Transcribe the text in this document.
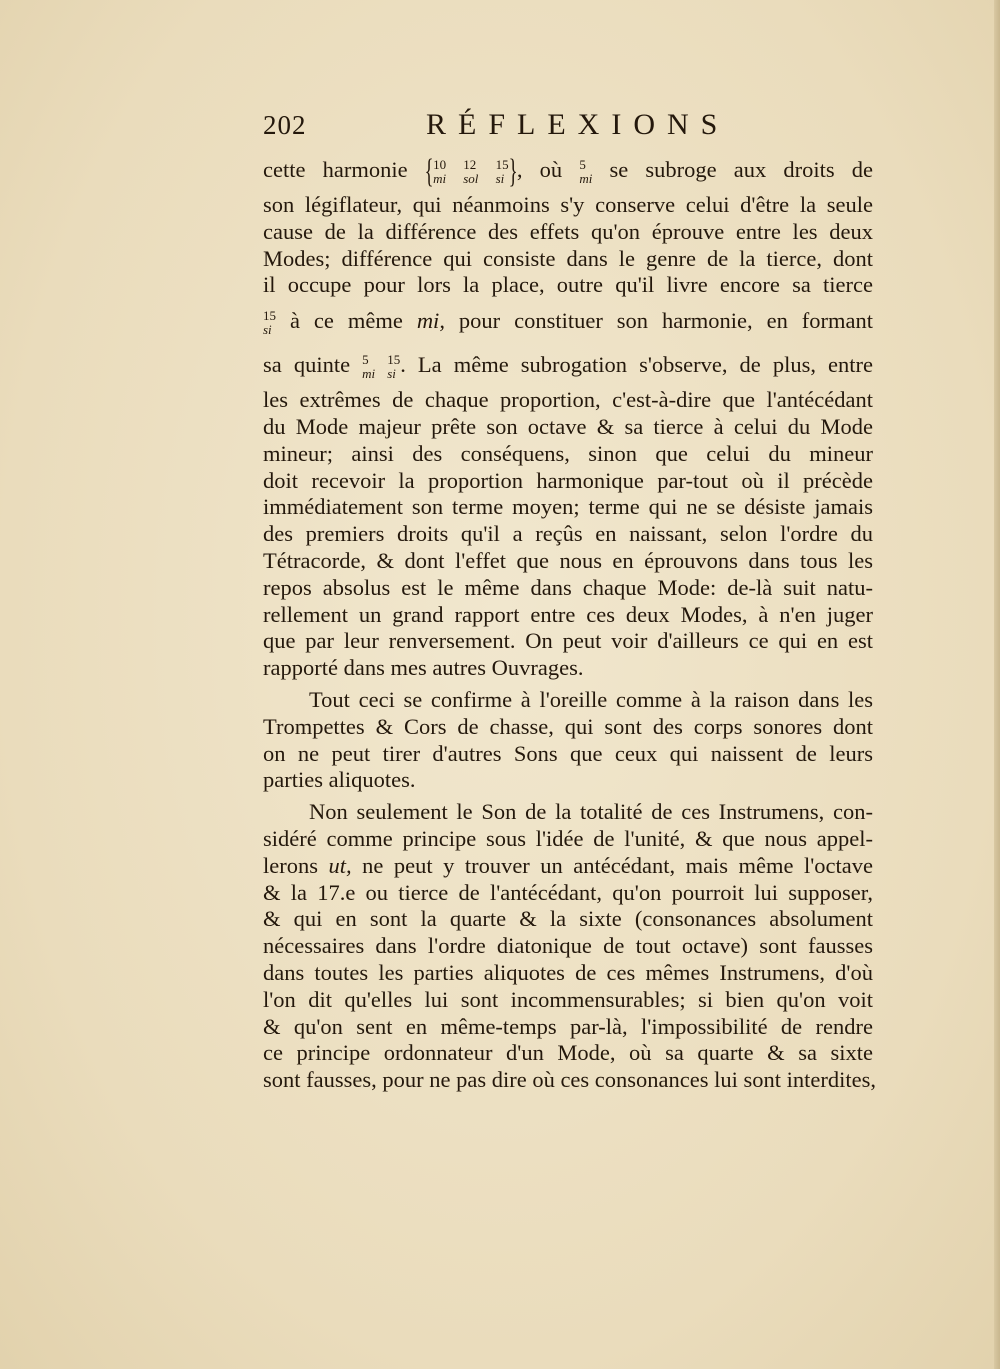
202	RÉFLEXIONS
cette harmonie { 10
mi

12
sol

15
si }, où 5
mi se subroge aux droits de
son légiflateur, qui néanmoins s'y conserve celui d'être la seule
cause de la différence des effets qu'on éprouve entre les deux
Modes; différence qui consiste dans le genre de la tierce, dont
il occupe pour lors la place, outre qu'il livre encore sa tierce
15
si à ce même mi, pour constituer son harmonie, en formant
sa quinte 5
mi

15
si . La même subrogation s'observe, de plus, entre
les extrêmes de chaque proportion, c'est-à-dire que l'antécédant
du Mode majeur prête son octave & sa tierce à celui du Mode
mineur; ainsi des conséquens, sinon que celui du mineur
doit recevoir la proportion harmonique par-tout où il précède
immédiatement son terme moyen; terme qui ne se désiste jamais
des premiers droits qu'il a reçûs en naissant, selon l'ordre du
Tétracorde, & dont l'effet que nous en éprouvons dans tous les
repos absolus est le même dans chaque Mode: de-là suit natu-
rellement un grand rapport entre ces deux Modes, à n'en juger
que par leur renversement. On peut voir d'ailleurs ce qui en est
rapporté dans mes autres Ouvrages.
Tout ceci se confirme à l'oreille comme à la raison dans les
Trompettes & Cors de chasse, qui sont des corps sonores dont
on ne peut tirer d'autres Sons que ceux qui naissent de leurs
parties aliquotes.
Non seulement le Son de la totalité de ces Instrumens, con-
sidéré comme principe sous l'idée de l'unité, & que nous appel-
lerons ut, ne peut y trouver un antécédant, mais même l'octave
& la 17.e ou tierce de l'antécédant, qu'on pourroit lui supposer,
& qui en sont la quarte & la sixte (consonances absolument
nécessaires dans l'ordre diatonique de tout octave) sont fausses
dans toutes les parties aliquotes de ces mêmes Instrumens, d'où
l'on dit qu'elles lui sont incommensurables; si bien qu'on voit
& qu'on sent en même-temps par-là, l'impossibilité de rendre
ce principe ordonnateur d'un Mode, où sa quarte & sa sixte
sont fausses, pour ne pas dire où ces consonances lui sont interdites,
